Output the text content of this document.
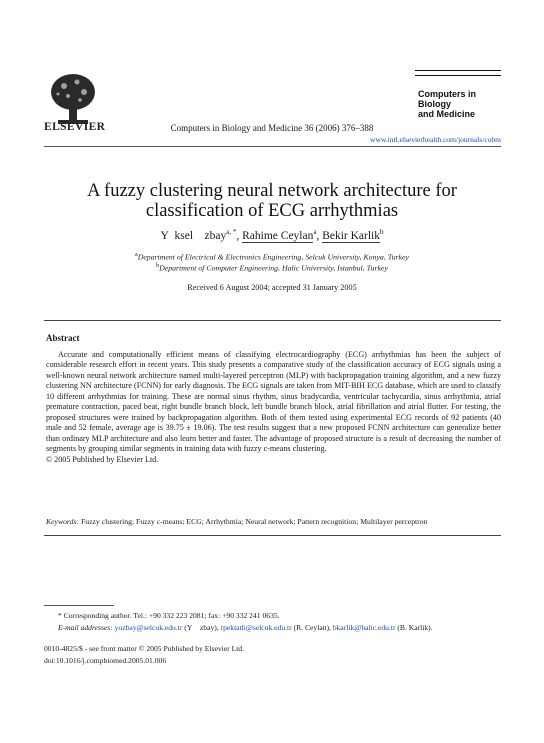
ELSEVIER
Computers in Biology
and Medicine
Computers in Biology and Medicine 36 (2006) 376–388
www.intl.elsevierhealth.com/journals/cobm
A fuzzy clustering neural network architecture for classification of ECG arrhythmias
Y  ksel    zbay$^{a, *}$, Rahime Ceylan$^a$, Bekir Karlik$^b$
$^a$Department of Electrical & Electronics Engineering, Selcuk University, Konya, Turkey
$^b$Department of Computer Engineering, Halic University, Istanbul, Turkey
Received 6 August 2004; accepted 31 January 2005
Abstract

Accurate and computationally efficient means of classifying electrocardiography (ECG) arrhythmias has been the subject of considerable research effort in recent years. This study presents a comparative study of the classification accuracy of ECG signals using a well-known neural network architecture named multi-layered perceptron (MLP) with backpropagation training algorithm, and a new fuzzy clustering NN architecture (FCNN) for early diagnosis. The ECG signals are taken from MIT-BIH ECG database, which are used to classify 10 different arrhythmias for training. These are normal sinus rhythm, sinus bradycardia, ventricular tachycardia, sinus arrhythmia, atrial premature contraction, paced beat, right bundle branch block, left bundle branch block, atrial fibrillation and atrial flutter. For testing, the proposed structures were trained by backpropagation algorithm. Both of them tested using experimental ECG records of 92 patients (40 male and 52 female, average age is 39.75 ± 19.06). The test results suggest that a new proposed FCNN architecture can generalize better than ordinary MLP architecture and also learn better and faster. The advantage of proposed structure is a result of decreasing the number of segments by grouping similar segments in training data with fuzzy c-means clustering.

© 2005 Published by Elsevier Ltd.

Keywords: Fuzzy clustering; Fuzzy c-means; ECG; Arrhythmia; Neural network; Pattern recognition; Multilayer perceptron
* Corresponding author. Tel.: +90 332 223 2081; fax: +90 332 241 0635.
E-mail addresses: yozbay@selcuk.edu.tr (Y    zbay), rpektatli@selcuk.edu.tr (R. Ceylan), bkarlik@halic.edu.tr (B. Karlik).
0010-4825/$ - see front matter © 2005 Published by Elsevier Ltd.
doi:10.1016/j.compbiomed.2005.01.006
